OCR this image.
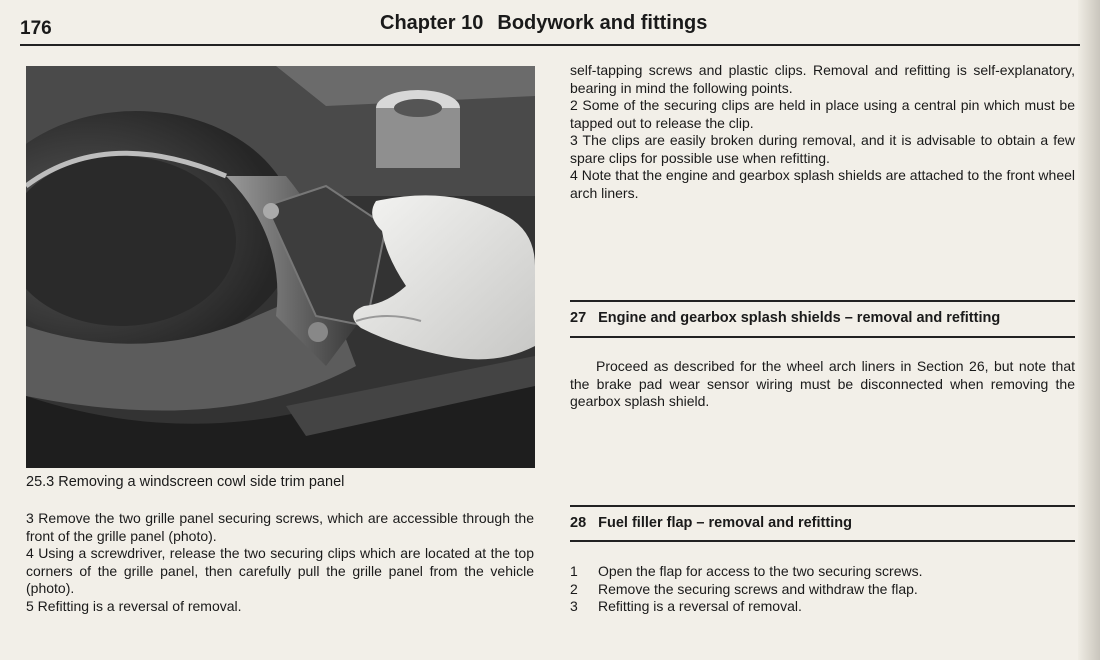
176	Chapter 10 Bodywork and fittings
25.3 Removing a windscreen cowl side trim panel

3 Remove the two grille panel securing screws, which are accessible through the front of the grille panel (photo).

4 Using a screwdriver, release the two securing clips which are located at the top corners of the grille panel, then carefully pull the grille panel from the vehicle (photo).

5 Refitting is a reversal of removal.

self-tapping screws and plastic clips. Removal and refitting is self-explanatory, bearing in mind the following points.

2 Some of the securing clips are held in place using a central pin which must be tapped out to release the clip.

3 The clips are easily broken during removal, and it is advisable to obtain a few spare clips for possible use when refitting.

4 Note that the engine and gearbox splash shields are attached to the front wheel arch liners.

27 Engine and gearbox splash shields – removal and refitting

Proceed as described for the wheel arch liners in Section 26, but note that the brake pad wear sensor wiring must be disconnected when removing the gearbox splash shield.

28 Fuel filler flap – removal and refitting
1	Open the flap for access to the two securing screws.
2	Remove the securing screws and withdraw the flap.
3	Refitting is a reversal of removal.
